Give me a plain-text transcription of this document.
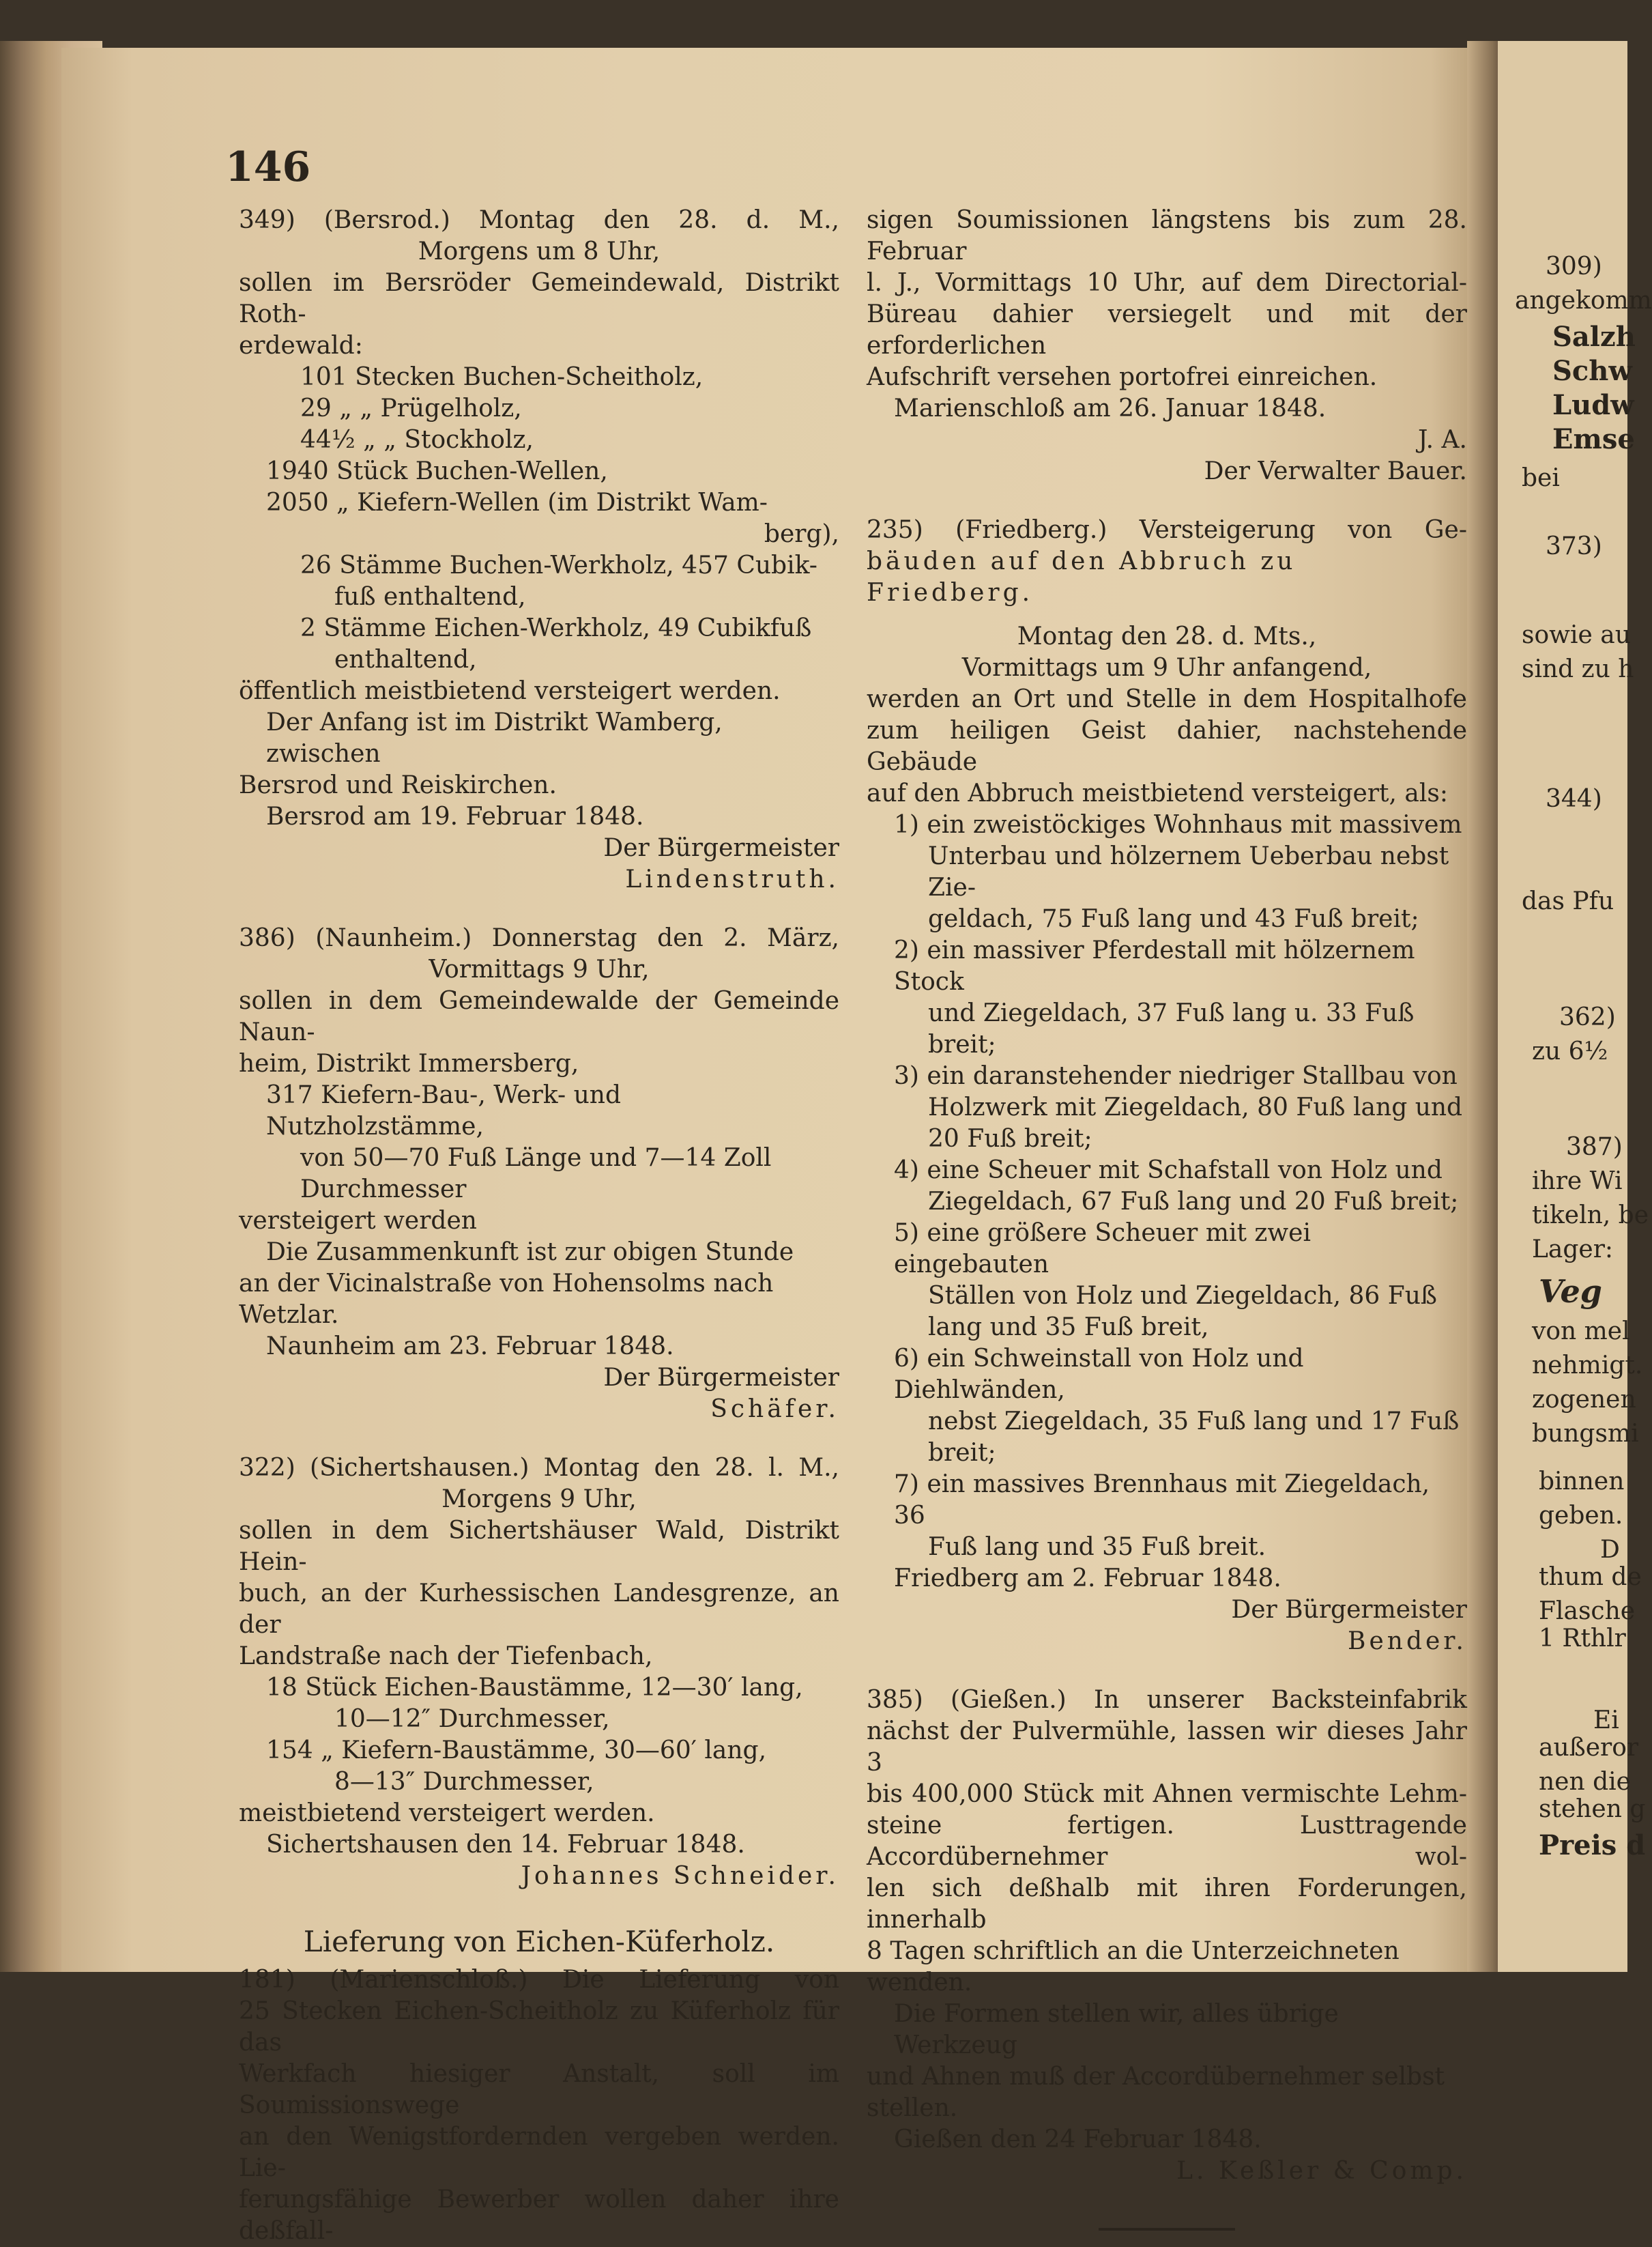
309)
angekomm
Salzh
Schw
Ludw
Emse
bei
373)
sowie au
sind zu h
344)
das Pfu
362)
zu 6½
387)
ihre Wi
tikeln, be
Lager:
Veg
von mel
nehmigt.
zogenen
bungsmi
binnen
geben.
D
thum de
Flasche
1 Rthlr
Ei
außeror
nen die
stehen g
Preis d
146

349) (Bersrod.) Montag den 28. d. M.,

Morgens um 8 Uhr,

sollen im Bersröder Gemeindewald, Distrikt Roth-

erdewald:

101 Stecken Buchen-Scheitholz,

29 „ „ Prügelholz,

44½ „ „ Stockholz,

1940 Stück Buchen-Wellen,

2050 „ Kiefern-Wellen (im Distrikt Wam-

berg),

26 Stämme Buchen-Werkholz, 457 Cubik-

fuß enthaltend,

2 Stämme Eichen-Werkholz, 49 Cubikfuß

enthaltend,

öffentlich meistbietend versteigert werden.

Der Anfang ist im Distrikt Wamberg, zwischen

Bersrod und Reiskirchen.

Bersrod am 19. Februar 1848.

Der Bürgermeister

Lindenstruth.

386) (Naunheim.) Donnerstag den 2. März,

Vormittags 9 Uhr,

sollen in dem Gemeindewalde der Gemeinde Naun-

heim, Distrikt Immersberg,

317 Kiefern-Bau-, Werk- und Nutzholzstämme,

von 50—70 Fuß Länge und 7—14 Zoll

Durchmesser

versteigert werden

Die Zusammenkunft ist zur obigen Stunde

an der Vicinalstraße von Hohensolms nach Wetzlar.

Naunheim am 23. Februar 1848.

Der Bürgermeister

Schäfer.

322) (Sichertshausen.) Montag den 28. l. M.,

Morgens 9 Uhr,

sollen in dem Sichertshäuser Wald, Distrikt Hein-

buch, an der Kurhessischen Landesgrenze, an der

Landstraße nach der Tiefenbach,

18 Stück Eichen-Baustämme, 12—30′ lang,

10—12″ Durchmesser,

154 „ Kiefern-Baustämme, 30—60′ lang,

8—13″ Durchmesser,

meistbietend versteigert werden.

Sichertshausen den 14. Februar 1848.

Johannes Schneider.

Lieferung von Eichen-Küferholz.

181) (Marienschloß.) Die Lieferung von

25 Stecken Eichen-Scheitholz zu Küferholz für das

Werkfach hiesiger Anstalt, soll im Soumissionswege

an den Wenigstfordernden vergeben werden. Lie-

ferungsfähige Bewerber wollen daher ihre deßfall-

sigen Soumissionen längstens bis zum 28. Februar

l. J., Vormittags 10 Uhr, auf dem Directorial-

Büreau dahier versiegelt und mit der erforderlichen

Aufschrift versehen portofrei einreichen.

Marienschloß am 26. Januar 1848.

J. A.

Der Verwalter Bauer.

235) (Friedberg.) Versteigerung von Ge-

bäuden auf den Abbruch zu Friedberg.

Montag den 28. d. Mts.,

Vormittags um 9 Uhr anfangend,

werden an Ort und Stelle in dem Hospitalhofe

zum heiligen Geist dahier, nachstehende Gebäude

auf den Abbruch meistbietend versteigert, als:

1) ein zweistöckiges Wohnhaus mit massivem

Unterbau und hölzernem Ueberbau nebst Zie-

geldach, 75 Fuß lang und 43 Fuß breit;

2) ein massiver Pferdestall mit hölzernem Stock

und Ziegeldach, 37 Fuß lang u. 33 Fuß breit;

3) ein daranstehender niedriger Stallbau von

Holzwerk mit Ziegeldach, 80 Fuß lang und

20 Fuß breit;

4) eine Scheuer mit Schafstall von Holz und

Ziegeldach, 67 Fuß lang und 20 Fuß breit;

5) eine größere Scheuer mit zwei eingebauten

Ställen von Holz und Ziegeldach, 86 Fuß

lang und 35 Fuß breit,

6) ein Schweinstall von Holz und Diehlwänden,

nebst Ziegeldach, 35 Fuß lang und 17 Fuß

breit;

7) ein massives Brennhaus mit Ziegeldach, 36

Fuß lang und 35 Fuß breit.

Friedberg am 2. Februar 1848.

Der Bürgermeister

Bender.

385) (Gießen.) In unserer Backsteinfabrik

nächst der Pulvermühle, lassen wir dieses Jahr 3

bis 400,000 Stück mit Ahnen vermischte Lehm-

steine fertigen. Lusttragende Accordübernehmer wol-

len sich deßhalb mit ihren Forderungen, innerhalb

8 Tagen schriftlich an die Unterzeichneten wenden.

Die Formen stellen wir, alles übrige Werkzeug

und Ahnen muß der Accordübernehmer selbst stellen.

Gießen den 24 Februar 1848.

L. Keßler & Comp.
